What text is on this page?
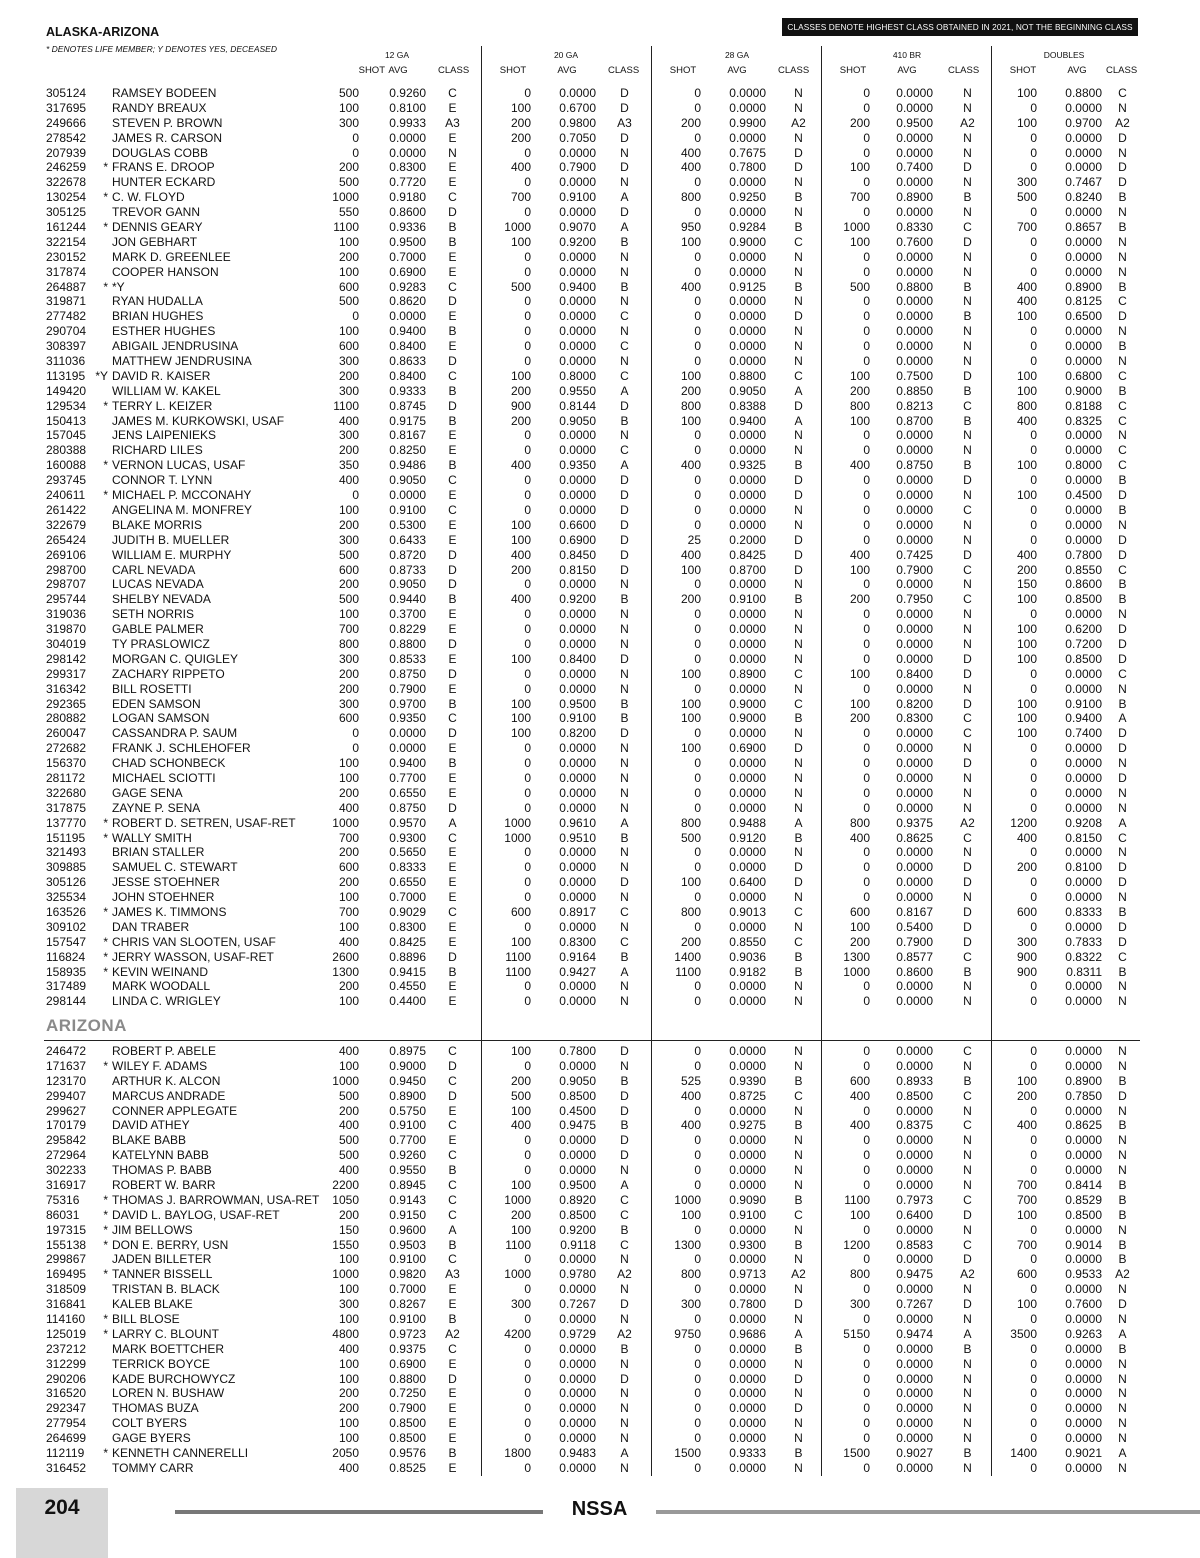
ALASKA-ARIZONA
* DENOTES LIFE MEMBER; Y DENOTES YES, DECEASED
CLASSES DENOTE HIGHEST CLASS OBTAINED IN 2021, NOT THE BEGINNING CLASS FOR 2022.
12 GA	20 GA	28 GA	410 BR	DOUBLES
SHOT AVG	CLASS	SHOT	AVG	CLASS	SHOT	AVG	CLASS	SHOT	AVG	CLASS	SHOT	AVG CLASS
305124	RAMSEY BODEEN	500	0.9260	C	0	0.0000	D	0	0.0000	N	0	0.0000	N	100	0.8800	C
317695	RANDY BREAUX	100	0.8100	E	100	0.6700	D	0	0.0000	N	0	0.0000	N	0	0.0000	N
249666	STEVEN P. BROWN	300	0.9933	A3	200	0.9800	A3	200	0.9900	A2	200	0.9500	A2	100	0.9700	A2
278542	JAMES R. CARSON	0	0.0000	E	200	0.7050	D	0	0.0000	N	0	0.0000	N	0	0.0000	D
207939	DOUGLAS COBB	0	0.0000	N	0	0.0000	N	400	0.7675	D	0	0.0000	N	0	0.0000	N
246259	* FRANS E. DROOP	200	0.8300	E	400	0.7900	D	400	0.7800	D	100	0.7400	D	0	0.0000	D
322678	HUNTER ECKARD	500	0.7720	E	0	0.0000	N	0	0.0000	N	0	0.0000	N	300	0.7467	D
130254	* C. W. FLOYD	1000	0.9180	C	700	0.9100	A	800	0.9250	B	700	0.8900	B	500	0.8240	B
305125	TREVOR GANN	550	0.8600	D	0	0.0000	D	0	0.0000	N	0	0.0000	N	0	0.0000	N
161244	* DENNIS GEARY	1100	0.9336	B	1000	0.9070	A	950	0.9284	B	1000	0.8330	C	700	0.8657	B
322154	JON GEBHART	100	0.9500	B	100	0.9200	B	100	0.9000	C	100	0.7600	D	0	0.0000	N
230152	MARK D. GREENLEE	200	0.7000	E	0	0.0000	N	0	0.0000	N	0	0.0000	N	0	0.0000	N
317874	COOPER HANSON	100	0.6900	E	0	0.0000	N	0	0.0000	N	0	0.0000	N	0	0.0000	N
264887	* *Y	600	0.9283	C	500	0.9400	B	400	0.9125	B	500	0.8800	B	400	0.8900	B
319871	RYAN HUDALLA	500	0.8620	D	0	0.0000	N	0	0.0000	N	0	0.0000	N	400	0.8125	C
277482	BRIAN HUGHES	0	0.0000	E	0	0.0000	C	0	0.0000	D	0	0.0000	B	100	0.6500	D
290704	ESTHER HUGHES	100	0.9400	B	0	0.0000	N	0	0.0000	N	0	0.0000	N	0	0.0000	N
308397	ABIGAIL JENDRUSINA	600	0.8400	E	0	0.0000	C	0	0.0000	N	0	0.0000	N	0	0.0000	B
311036	MATTHEW JENDRUSINA	300	0.8633	D	0	0.0000	N	0	0.0000	N	0	0.0000	N	0	0.0000	N
113195 *Y DAVID R. KAISER	200	0.8400	C	100	0.8000	C	100	0.8800	C	100	0.7500	D	100	0.6800	C
149420	WILLIAM W. KAKEL	300	0.9333	B	200	0.9550	A	200	0.9050	A	200	0.8850	B	100	0.9000	B
129534	* TERRY L. KEIZER	1100	0.8745	D	900	0.8144	D	800	0.8388	D	800	0.8213	C	800	0.8188	C
150413	JAMES M. KURKOWSKI, USAF	400	0.9175	B	200	0.9050	B	100	0.9400	A	100	0.8700	B	400	0.8325	C
157045	JENS LAIPENIEKS	300	0.8167	E	0	0.0000	N	0	0.0000	N	0	0.0000	N	0	0.0000	N
280388	RICHARD LILES	200	0.8250	E	0	0.0000	C	0	0.0000	N	0	0.0000	N	0	0.0000	C
160088	* VERNON LUCAS, USAF	350	0.9486	B	400	0.9350	A	400	0.9325	B	400	0.8750	B	100	0.8000	C
293745	CONNOR T. LYNN	400	0.9050	C	0	0.0000	D	0	0.0000	D	0	0.0000	D	0	0.0000	B
240611	* MICHAEL P. MCCONAHY	0	0.0000	E	0	0.0000	D	0	0.0000	D	0	0.0000	N	100	0.4500	D
261422	ANGELINA M. MONFREY	100	0.9100	C	0	0.0000	D	0	0.0000	N	0	0.0000	C	0	0.0000	B
322679	BLAKE MORRIS	200	0.5300	E	100	0.6600	D	0	0.0000	N	0	0.0000	N	0	0.0000	N
265424	JUDITH B. MUELLER	300	0.6433	E	100	0.6900	D	25	0.2000	D	0	0.0000	N	0	0.0000	D
269106	WILLIAM E. MURPHY	500	0.8720	D	400	0.8450	D	400	0.8425	D	400	0.7425	D	400	0.7800	D
298700	CARL NEVADA	600	0.8733	D	200	0.8150	D	100	0.8700	D	100	0.7900	C	200	0.8550	C
298707	LUCAS NEVADA	200	0.9050	D	0	0.0000	N	0	0.0000	N	0	0.0000	N	150	0.8600	B
295744	SHELBY NEVADA	500	0.9440	B	400	0.9200	B	200	0.9100	B	200	0.7950	C	100	0.8500	B
319036	SETH NORRIS	100	0.3700	E	0	0.0000	N	0	0.0000	N	0	0.0000	N	0	0.0000	N
319870	GABLE PALMER	700	0.8229	E	0	0.0000	N	0	0.0000	N	0	0.0000	N	100	0.6200	D
304019	TY PRASLOWICZ	800	0.8800	D	0	0.0000	N	0	0.0000	N	0	0.0000	N	100	0.7200	D
298142	MORGAN C. QUIGLEY	300	0.8533	E	100	0.8400	D	0	0.0000	N	0	0.0000	D	100	0.8500	D
299317	ZACHARY RIPPETO	200	0.8750	D	0	0.0000	N	100	0.8900	C	100	0.8400	D	0	0.0000	C
316342	BILL ROSETTI	200	0.7900	E	0	0.0000	N	0	0.0000	N	0	0.0000	N	0	0.0000	N
292365	EDEN SAMSON	300	0.9700	B	100	0.9500	B	100	0.9000	C	100	0.8200	D	100	0.9100	B
280882	LOGAN SAMSON	600	0.9350	C	100	0.9100	B	100	0.9000	B	200	0.8300	C	100	0.9400	A
260047	CASSANDRA P. SAUM	0	0.0000	D	100	0.8200	D	0	0.0000	N	0	0.0000	C	100	0.7400	D
272682	FRANK J. SCHLEHOFER	0	0.0000	E	0	0.0000	N	100	0.6900	D	0	0.0000	N	0	0.0000	D
156370	CHAD SCHONBECK	100	0.9400	B	0	0.0000	N	0	0.0000	N	0	0.0000	D	0	0.0000	N
281172	MICHAEL SCIOTTI	100	0.7700	E	0	0.0000	N	0	0.0000	N	0	0.0000	N	0	0.0000	D
322680	GAGE SENA	200	0.6550	E	0	0.0000	N	0	0.0000	N	0	0.0000	N	0	0.0000	N
317875	ZAYNE P. SENA	400	0.8750	D	0	0.0000	N	0	0.0000	N	0	0.0000	N	0	0.0000	N
137770	* ROBERT D. SETREN, USAF-RET	1000	0.9570	A	1000	0.9610	A	800	0.9488	A	800	0.9375	A2	1200	0.9208	A
151195	* WALLY SMITH	700	0.9300	C	1000	0.9510	B	500	0.9120	B	400	0.8625	C	400	0.8150	C
321493	BRIAN STALLER	200	0.5650	E	0	0.0000	N	0	0.0000	N	0	0.0000	N	0	0.0000	N
309885	SAMUEL C. STEWART	600	0.8333	E	0	0.0000	N	0	0.0000	D	0	0.0000	D	200	0.8100	D
305126	JESSE STOEHNER	200	0.6550	E	0	0.0000	D	100	0.6400	D	0	0.0000	D	0	0.0000	D
325534	JOHN STOEHNER	100	0.7000	E	0	0.0000	N	0	0.0000	N	0	0.0000	N	0	0.0000	N
163526	* JAMES K. TIMMONS	700	0.9029	C	600	0.8917	C	800	0.9013	C	600	0.8167	D	600	0.8333	B
309102	DAN TRABER	100	0.8300	E	0	0.0000	N	0	0.0000	N	100	0.5400	D	0	0.0000	D
157547	* CHRIS VAN SLOOTEN, USAF	400	0.8425	E	100	0.8300	C	200	0.8550	C	200	0.7900	D	300	0.7833	D
116824	* JERRY WASSON, USAF-RET	2600	0.8896	D	1100	0.9164	B	1400	0.9036	B	1300	0.8577	C	900	0.8322	C
158935	* KEVIN WEINAND	1300	0.9415	B	1100	0.9427	A	1100	0.9182	B	1000	0.8600	B	900	0.8311	B
317489	MARK WOODALL	200	0.4550	E	0	0.0000	N	0	0.0000	N	0	0.0000	N	0	0.0000	N
298144	LINDA C. WRIGLEY	100	0.4400	E	0	0.0000	N	0	0.0000	N	0	0.0000	N	0	0.0000	N
ARIZONA
246472	ROBERT P. ABELE	400	0.8975	C	100	0.7800	D	0	0.0000	N	0	0.0000	C	0	0.0000	N
171637	* WILEY F. ADAMS	100	0.9000	D	0	0.0000	N	0	0.0000	N	0	0.0000	N	0	0.0000	N
123170	ARTHUR K. ALCON	1000	0.9450	C	200	0.9050	B	525	0.9390	B	600	0.8933	B	100	0.8900	B
299407	MARCUS ANDRADE	500	0.8900	D	500	0.8500	D	400	0.8725	C	400	0.8500	C	200	0.7850	D
299627	CONNER APPLEGATE	200	0.5750	E	100	0.4500	D	0	0.0000	N	0	0.0000	N	0	0.0000	N
170179	DAVID ATHEY	400	0.9100	C	400	0.9475	B	400	0.9275	B	400	0.8375	C	400	0.8625	B
295842	BLAKE BABB	500	0.7700	E	0	0.0000	D	0	0.0000	N	0	0.0000	N	0	0.0000	N
272964	KATELYNN BABB	500	0.9260	C	0	0.0000	D	0	0.0000	N	0	0.0000	N	0	0.0000	N
302233	THOMAS P. BABB	400	0.9550	B	0	0.0000	N	0	0.0000	N	0	0.0000	N	0	0.0000	N
316917	ROBERT W. BARR	2200	0.8945	C	100	0.9500	A	0	0.0000	N	0	0.0000	N	700	0.8414	B
75316	* THOMAS J. BARROWMAN, USA-RET	1050	0.9143	C	1000	0.8920	C	1000	0.9090	B	1100	0.7973	C	700	0.8529	B
86031	* DAVID L. BAYLOG, USAF-RET	200	0.9150	C	200	0.8500	C	100	0.9100	C	100	0.6400	D	100	0.8500	B
197315	* JIM BELLOWS	150	0.9600	A	100	0.9200	B	0	0.0000	N	0	0.0000	N	0	0.0000	N
155138	* DON E. BERRY, USN	1550	0.9503	B	1100	0.9118	C	1300	0.9300	B	1200	0.8583	C	700	0.9014	B
299867	JADEN BILLETER	100	0.9100	C	0	0.0000	N	0	0.0000	N	0	0.0000	D	0	0.0000	B
169495	* TANNER BISSELL	1000	0.9820	A3	1000	0.9780	A2	800	0.9713	A2	800	0.9475	A2	600	0.9533	A2
318509	TRISTAN B. BLACK	100	0.7000	E	0	0.0000	N	0	0.0000	N	0	0.0000	N	0	0.0000	N
316841	KALEB BLAKE	300	0.8267	E	300	0.7267	D	300	0.7800	D	300	0.7267	D	100	0.7600	D
114160	* BILL BLOSE	100	0.9100	B	0	0.0000	N	0	0.0000	N	0	0.0000	N	0	0.0000	N
125019	* LARRY C. BLOUNT	4800	0.9723	A2	4200	0.9729	A2	9750	0.9686	A	5150	0.9474	A	3500	0.9263	A
237212	MARK BOETTCHER	400	0.9375	C	0	0.0000	B	0	0.0000	B	0	0.0000	B	0	0.0000	B
312299	TERRICK BOYCE	100	0.6900	E	0	0.0000	N	0	0.0000	N	0	0.0000	N	0	0.0000	N
290206	KADE BURCHOWYCZ	100	0.8800	D	0	0.0000	D	0	0.0000	D	0	0.0000	N	0	0.0000	N
316520	LOREN N. BUSHAW	200	0.7250	E	0	0.0000	N	0	0.0000	N	0	0.0000	N	0	0.0000	N
292347	THOMAS BUZA	200	0.7900	E	0	0.0000	N	0	0.0000	D	0	0.0000	N	0	0.0000	N
277954	COLT BYERS	100	0.8500	E	0	0.0000	N	0	0.0000	N	0	0.0000	N	0	0.0000	N
264699	GAGE BYERS	100	0.8500	E	0	0.0000	N	0	0.0000	N	0	0.0000	N	0	0.0000	N
112119	* KENNETH CANNERELLI	2050	0.9576	B	1800	0.9483	A	1500	0.9333	B	1500	0.9027	B	1400	0.9021	A
316452	TOMMY CARR	400	0.8525	E	0	0.0000	N	0	0.0000	N	0	0.0000	N	0	0.0000	N
204	NSSA
